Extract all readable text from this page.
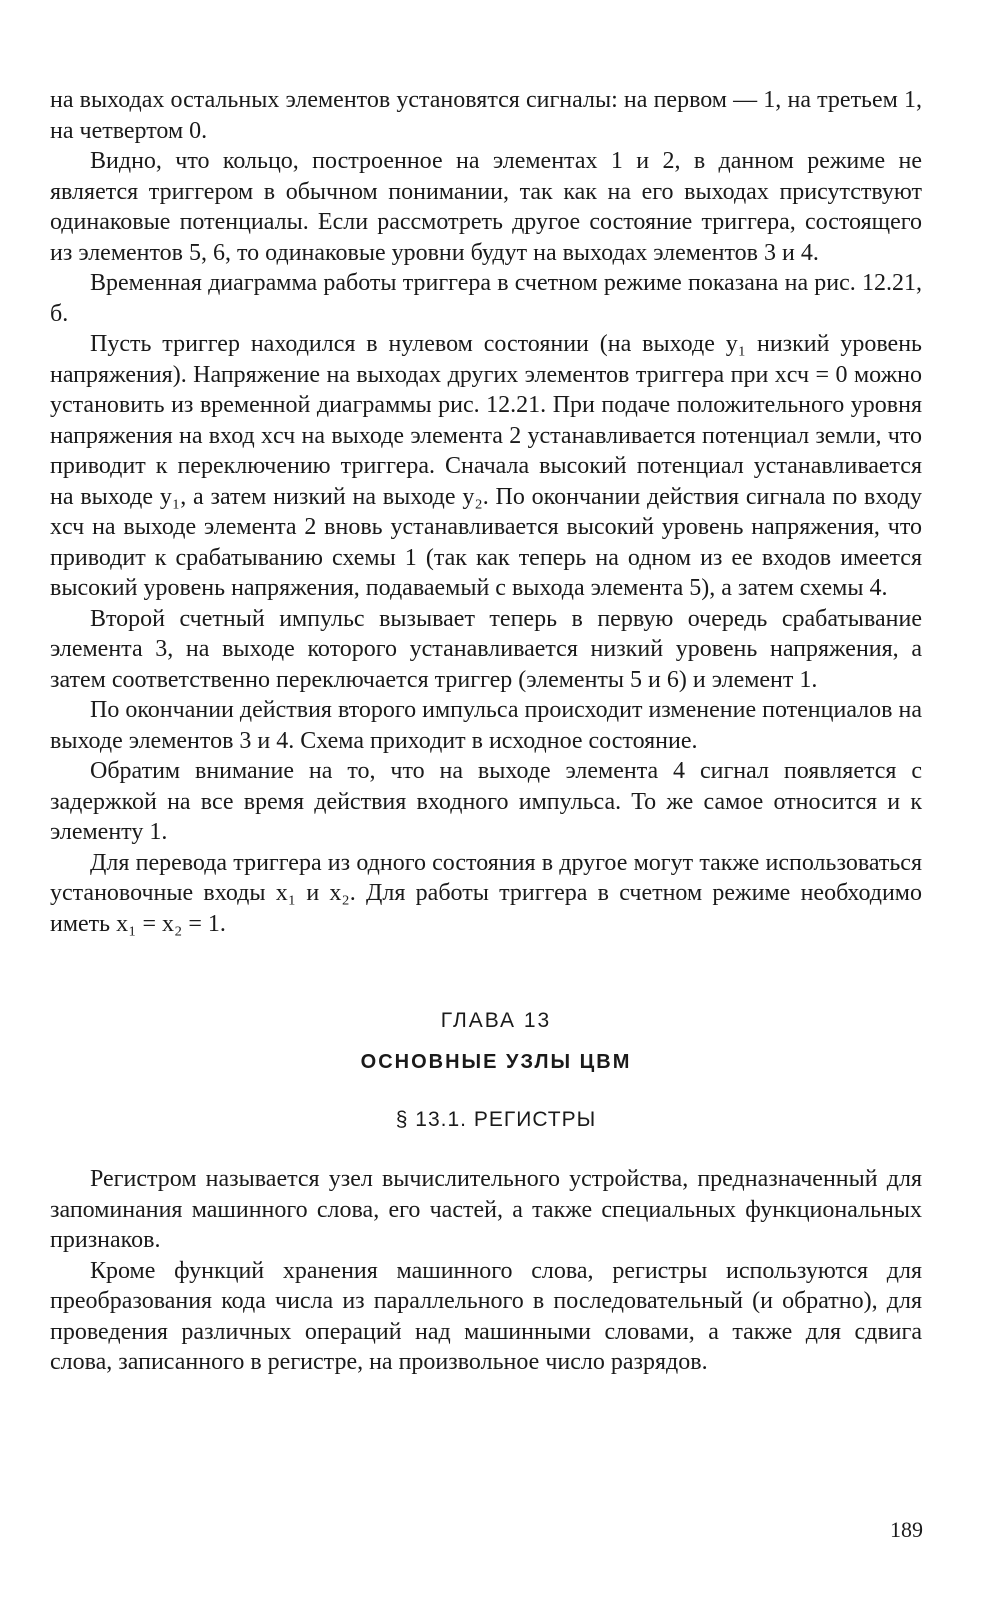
на выходах остальных элементов установятся сигналы: на первом — 1, на третьем 1, на четвертом 0.

Видно, что кольцо, построенное на элементах 1 и 2, в данном режиме не является триггером в обычном понимании, так как на его выходах присутствуют одинаковые потенциалы. Если рассмотреть другое состояние триггера, состоящего из элементов 5, 6, то одинаковые уровни будут на выходах элементов 3 и 4.

Временная диаграмма работы триггера в счетном режиме показана на рис. 12.21, б.

Пусть триггер находился в нулевом состоянии (на выходе y₁ низкий уровень напряжения). Напряжение на выходах других элементов триггера при xсч = 0 можно установить из временной диаграммы рис. 12.21. При подаче положительного уровня напряжения на вход xсч на выходе элемента 2 устанавливается потенциал земли, что приводит к переключению триггера. Сначала высокий потенциал устанавливается на выходе y₁, а затем низкий на выходе y₂. По окончании действия сигнала по входу xсч на выходе элемента 2 вновь устанавливается высокий уровень напряжения, что приводит к срабатыванию схемы 1 (так как теперь на одном из ее входов имеется высокий уровень напряжения, подаваемый с выхода элемента 5), а затем схемы 4.

Второй счетный импульс вызывает теперь в первую очередь срабатывание элемента 3, на выходе которого устанавливается низкий уровень напряжения, а затем соответственно переключается триггер (элементы 5 и 6) и элемент 1.

По окончании действия второго импульса происходит изменение потенциалов на выходе элементов 3 и 4. Схема приходит в исходное состояние.

Обратим внимание на то, что на выходе элемента 4 сигнал появляется с задержкой на все время действия входного импульса. То же самое относится и к элементу 1.

Для перевода триггера из одного состояния в другое могут также использоваться установочные входы x₁ и x₂. Для работы триггера в счетном режиме необходимо иметь x₁ = x₂ = 1.

ГЛАВА 13

ОСНОВНЫЕ УЗЛЫ ЦВМ

§ 13.1. РЕГИСТРЫ

Регистром называется узел вычислительного устройства, предназначенный для запоминания машинного слова, его частей, а также специальных функциональных признаков.

Кроме функций хранения машинного слова, регистры используются для преобразования кода числа из параллельного в последовательный (и обратно), для проведения различных операций над машинными словами, а также для сдвига слова, записанного в регистре, на произвольное число разрядов.

189
